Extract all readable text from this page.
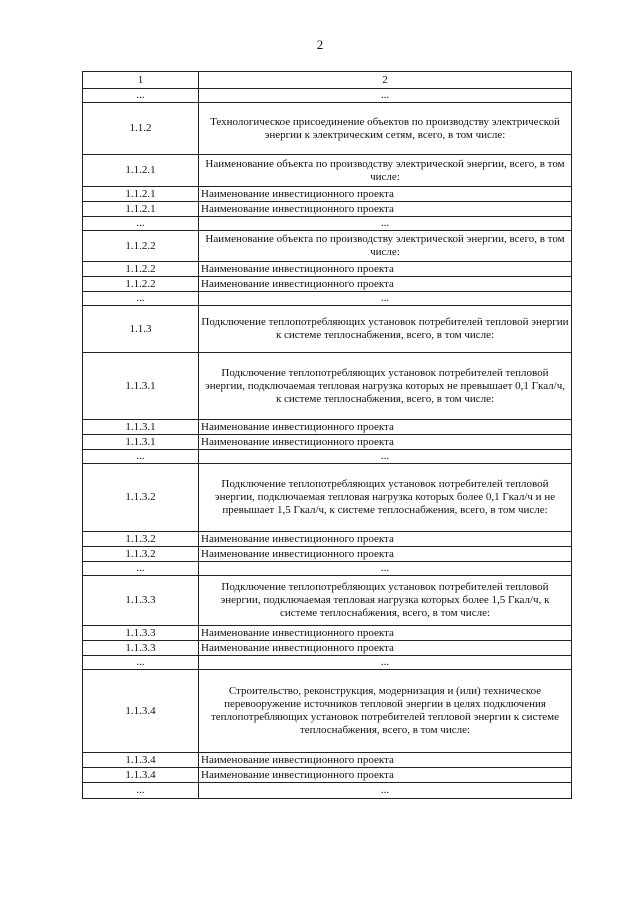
2
1	2
...	...
1.1.2	Технологическое присоединение объектов по производству электрической энергии к электрическим сетям, всего, в том числе:
1.1.2.1	Наименование объекта по производству электрической энергии, всего, в том числе:
1.1.2.1	Наименование инвестиционного проекта
1.1.2.1	Наименование инвестиционного проекта
...	...
1.1.2.2	Наименование объекта по производству электрической энергии, всего, в том числе:
1.1.2.2	Наименование инвестиционного проекта
1.1.2.2	Наименование инвестиционного проекта
...	...
1.1.3	Подключение теплопотребляющих установок потребителей тепловой энергии к системе теплоснабжения, всего, в том числе:
1.1.3.1	Подключение теплопотребляющих установок потребителей тепловой энергии, подключаемая тепловая нагрузка которых не превышает 0,1 Гкал/ч, к системе теплоснабжения, всего, в том числе:
1.1.3.1	Наименование инвестиционного проекта
1.1.3.1	Наименование инвестиционного проекта
...	...
1.1.3.2	Подключение теплопотребляющих установок потребителей тепловой энергии, подключаемая тепловая нагрузка которых более 0,1 Гкал/ч и не превышает 1,5 Гкал/ч, к системе теплоснабжения, всего, в том числе:
1.1.3.2	Наименование инвестиционного проекта
1.1.3.2	Наименование инвестиционного проекта
...	...
1.1.3.3	Подключение теплопотребляющих установок потребителей тепловой энергии, подключаемая тепловая нагрузка которых более 1,5 Гкал/ч, к системе теплоснабжения, всего, в том числе:
1.1.3.3	Наименование инвестиционного проекта
1.1.3.3	Наименование инвестиционного проекта
...	...
1.1.3.4	Строительство, реконструкция, модернизация и (или) техническое перевооружение источников тепловой энергии в целях подключения теплопотребляющих установок потребителей тепловой энергии к системе теплоснабжения, всего, в том числе:
1.1.3.4	Наименование инвестиционного проекта
1.1.3.4	Наименование инвестиционного проекта
...	...
